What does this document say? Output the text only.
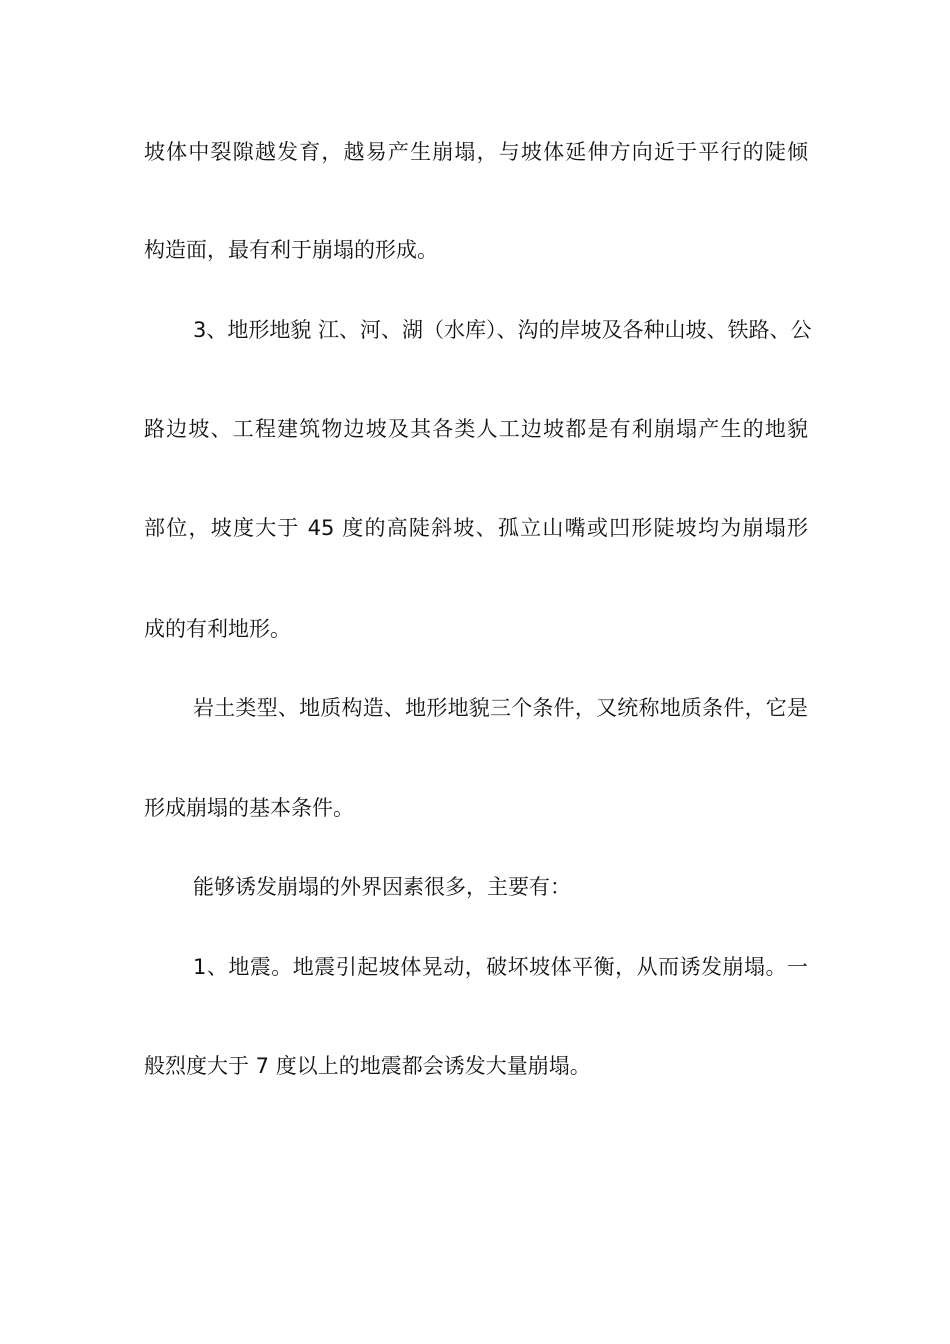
坡体中裂隙越发育，越易产生崩塌，与坡体延伸方向近于平行的陡倾
构造面，最有利于崩塌的形成。
3、地形地貌 江、河、湖（水库）、沟的岸坡及各种山坡、铁路、公
路边坡、工程建筑物边坡及其各类人工边坡都是有利崩塌产生的地貌
部位，坡度大于 45 度的高陡斜坡、孤立山嘴或凹形陡坡均为崩塌形
成的有利地形。
岩土类型、地质构造、地形地貌三个条件，又统称地质条件，它是
形成崩塌的基本条件。
能够诱发崩塌的外界因素很多，主要有：
1、地震。地震引起坡体晃动，破坏坡体平衡，从而诱发崩塌。一
般烈度大于 7 度以上的地震都会诱发大量崩塌。
